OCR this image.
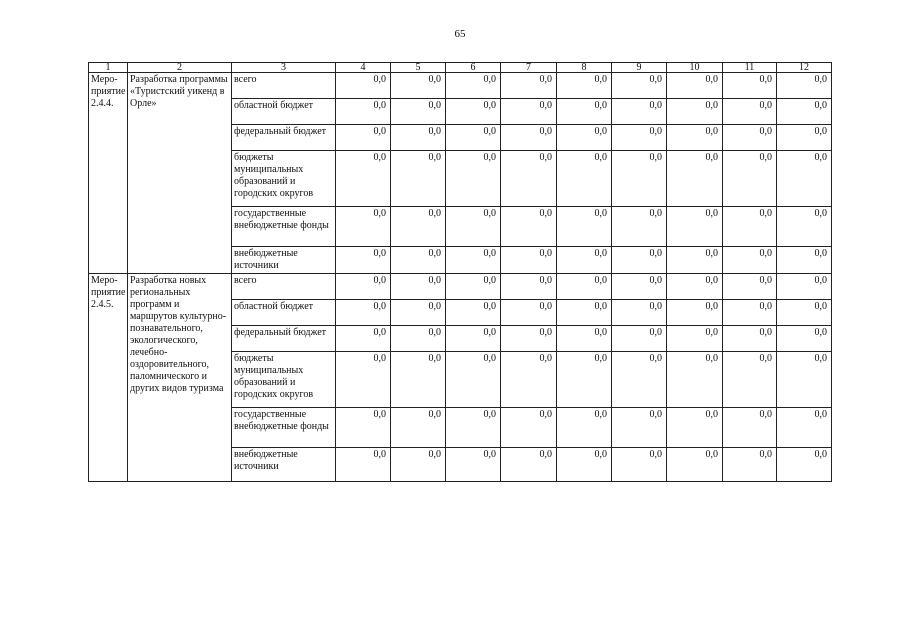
65
1	2	3	4	5	6	7	8	9	10	11	12
Меро-приятие 2.4.4.	Разработка программы «Туристский уикенд в Орле»	всего	0,0	0,0	0,0	0,0	0,0	0,0	0,0	0,0	0,0
		областной бюджет	0,0	0,0	0,0	0,0	0,0	0,0	0,0	0,0	0,0
		федеральный бюджет	0,0	0,0	0,0	0,0	0,0	0,0	0,0	0,0	0,0
		бюджеты муниципальных образований и городских округов	0,0	0,0	0,0	0,0	0,0	0,0	0,0	0,0	0,0
		государственные внебюджетные фонды	0,0	0,0	0,0	0,0	0,0	0,0	0,0	0,0	0,0
		внебюджетные источники	0,0	0,0	0,0	0,0	0,0	0,0	0,0	0,0	0,0
Меро-приятие 2.4.5.	Разработка новых региональных программ и маршрутов культурно-познавательного, экологического, лечебно-оздоровительного, паломнического и других видов туризма	всего	0,0	0,0	0,0	0,0	0,0	0,0	0,0	0,0	0,0
		областной бюджет	0,0	0,0	0,0	0,0	0,0	0,0	0,0	0,0	0,0
		федеральный бюджет	0,0	0,0	0,0	0,0	0,0	0,0	0,0	0,0	0,0
		бюджеты муниципальных образований и городских округов	0,0	0,0	0,0	0,0	0,0	0,0	0,0	0,0	0,0
		государственные внебюджетные фонды	0,0	0,0	0,0	0,0	0,0	0,0	0,0	0,0	0,0
		внебюджетные источники	0,0	0,0	0,0	0,0	0,0	0,0	0,0	0,0	0,0
